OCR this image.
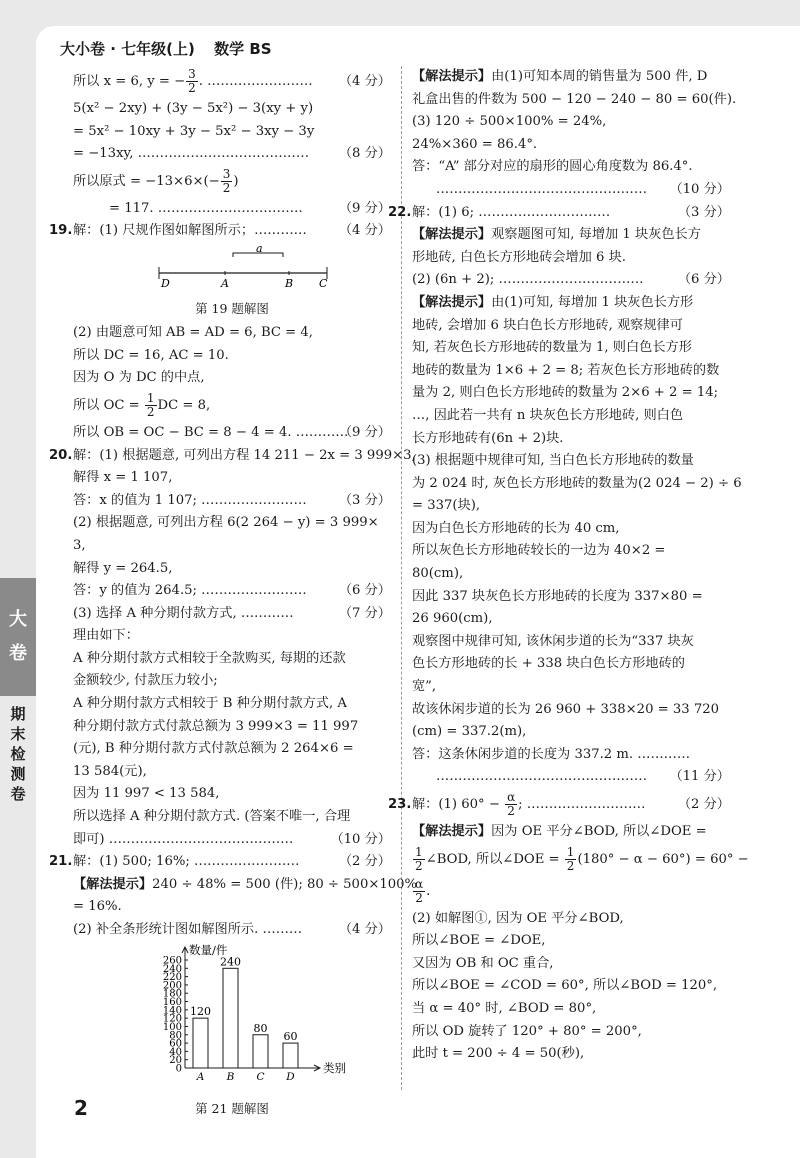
大小卷 · 七年级(上) 数学 BS
大
卷
期末检测卷
（4 分）
所以 x = 6, y = − $\frac{3}{2}$ . ……………………
5(x² − 2xy) + (3y − 5x²) − 3(xy + y)
= 5x² − 10xy + 3y − 5x² − 3xy − 3y
（8 分）
= −13xy, …………………………………
所以原式 = $-13\times 6\times(- \frac{3}{2}$ )
（9 分）
= 117. ……………………………
（4 分）
19.解：(1) 尺规作图如解图所示；…………
a
D	A	B C
第 19 题解图
(2) 由题意可知 AB = AD = 6, BC = 4,
所以 DC = 16, AC = 10.
因为 O 为 DC 的中点,
所以 OC = $\frac{1}{2}$ DC = 8,
（9 分）
所以 OB = OC − BC = 8 − 4 = 4. …………
20.解：(1) 根据题意, 可列出方程 14 211 − 2x = 3 999×3,
解得 x = 1 107,
（3 分）
答：x 的值为 1 107; ……………………
(2) 根据题意, 可列出方程 6(2 264 − y) = 3 999×
3,
解得 y = 264.5,
（6 分）
答：y 的值为 264.5; ……………………
（7 分）
(3) 选择 A 种分期付款方式, …………
理由如下：
A 种分期付款方式相较于全款购买, 每期的还款
金额较少, 付款压力较小;
A 种分期付款方式相较于 B 种分期付款方式, A
种分期付款方式付款总额为 3 999×3 = 11 997
(元), B 种分期付款方式付款总额为 2 264×6 =
13 584(元),
因为 11 997 < 13 584,
所以选择 A 种分期付款方式. (答案不唯一, 合理
（10 分）
即可) ……………………………………
（2 分）
21.解：(1) 500; 16%; ……………………
【解法提示】240 ÷ 48% = 500 (件); 80 ÷ 500×100%
= 16%.
（4 分）
(2) 补全条形统计图如解图所示. ………
0
20
40
60
80
100
120
140
160
180
200
220
240
260
数量/件
类别
120
A
240
B
80
C
60
D
第 21 题解图
【解法提示】由(1)可知本周的销售量为 500 件, D
礼盒出售的件数为 500 − 120 − 240 − 80 = 60(件).
(3) 120 ÷ 500×100% = 24%,
24%×360 = 86.4°.
答：“A” 部分对应的扇形的圆心角度数为 86.4°.
（10 分）
…………………………………………
（3 分）
22.解：(1) 6; …………………………
【解法提示】观察题图可知, 每增加 1 块灰色长方
形地砖, 白色长方形地砖会增加 6 块.
（6 分）
(2) (6n + 2); ……………………………
【解法提示】由(1)可知, 每增加 1 块灰色长方形
地砖, 会增加 6 块白色长方形地砖, 观察规律可
知, 若灰色长方形地砖的数量为 1, 则白色长方形
地砖的数量为 1×6 + 2 = 8; 若灰色长方形地砖的数
量为 2, 则白色长方形地砖的数量为 2×6 + 2 = 14;
…, 因此若一共有 n 块灰色长方形地砖, 则白色
长方形地砖有(6n + 2)块.
(3) 根据题中规律可知, 当白色长方形地砖的数量
为 2 024 时, 灰色长方形地砖的数量为(2 024 − 2) ÷ 6
= 337(块),
因为白色长方形地砖的长为 40 cm,
所以灰色长方形地砖较长的一边为 40×2 =
80(cm),
因此 337 块灰色长方形地砖的长度为 337×80 =
26 960(cm),
观察图中规律可知, 该休闲步道的长为“337 块灰
色长方形地砖的长 + 338 块白色长方形地砖的
宽”,
故该休闲步道的长为 26 960 + 338×20 = 33 720
(cm) = 337.2(m),
答：这条休闲步道的长度为 337.2 m. …………
（11 分）
…………………………………………
（2 分）
23.解：(1) $60^\circ - \frac{\alpha}{2}$ ; ………………………
【解法提示】因为 OE 平分∠BOD, 所以∠DOE =
$\frac{1}{2}$ ∠BOD, 所以∠DOE = $\frac{1}{2} (180^\circ - \alpha - 60^\circ) = 60^\circ$ −
$\frac{\alpha}{2}$ .
(2) 如解图①, 因为 OE 平分∠BOD,
所以∠BOE = ∠DOE,
又因为 OB 和 OC 重合,
所以∠BOE = ∠COD = 60°, 所以∠BOD = 120°,
当 α = 40° 时, ∠BOD = 80°,
所以 OD 旋转了 120° + 80° = 200°,
此时 t = 200 ÷ 4 = 50(秒),
2
